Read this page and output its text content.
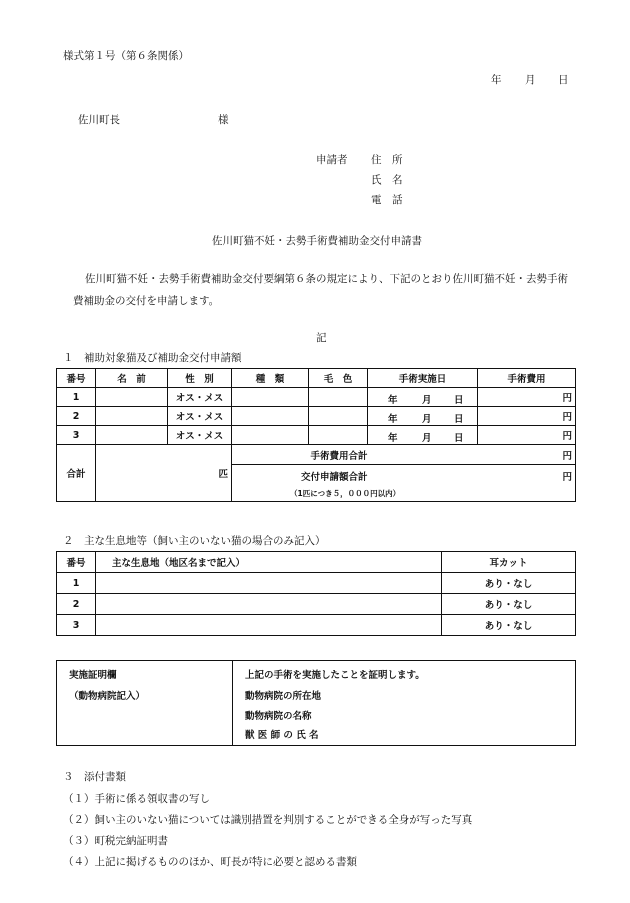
様式第１号（第６条関係）
年 月 日
佐川町長	様
申請者 住　所
氏　名
電　話
佐川町猫不妊・去勢手術費補助金交付申請書
佐川町猫不妊・去勢手術費補助金交付要綱第６条の規定により、下記のとおり佐川町猫不妊・去勢手術費補助金の交付を申請します。
記
１　補助対象猫及び補助金交付申請額
番号	名　前	性　別	種　類	毛　色	手術実施日	手術費用
1		オス・メス			年 月 日	円
2		オス・メス			年 月 日	円
3		オス・メス			年 月 日	円
合計	匹		手術費用合計		円	
			交付申請額合計		円	
			（1匹につき５，０００円以内）			
２　主な生息地等（飼い主のいない猫の場合のみ記入）
番号	主な生息地（地区名まで記入）	耳カット
1		あり・なし
2		あり・なし
3		あり・なし
実施証明欄
（動物病院記入）
上記の手術を実施したことを証明します。
動物病院の所在地
動物病院の名称
獣 医 師 の 氏 名
３　添付書類
（１）手術に係る領収書の写し
（２）飼い主のいない猫については識別措置を判別することができる全身が写った写真
（３）町税完納証明書
（４）上記に掲げるもののほか、町長が特に必要と認める書類
